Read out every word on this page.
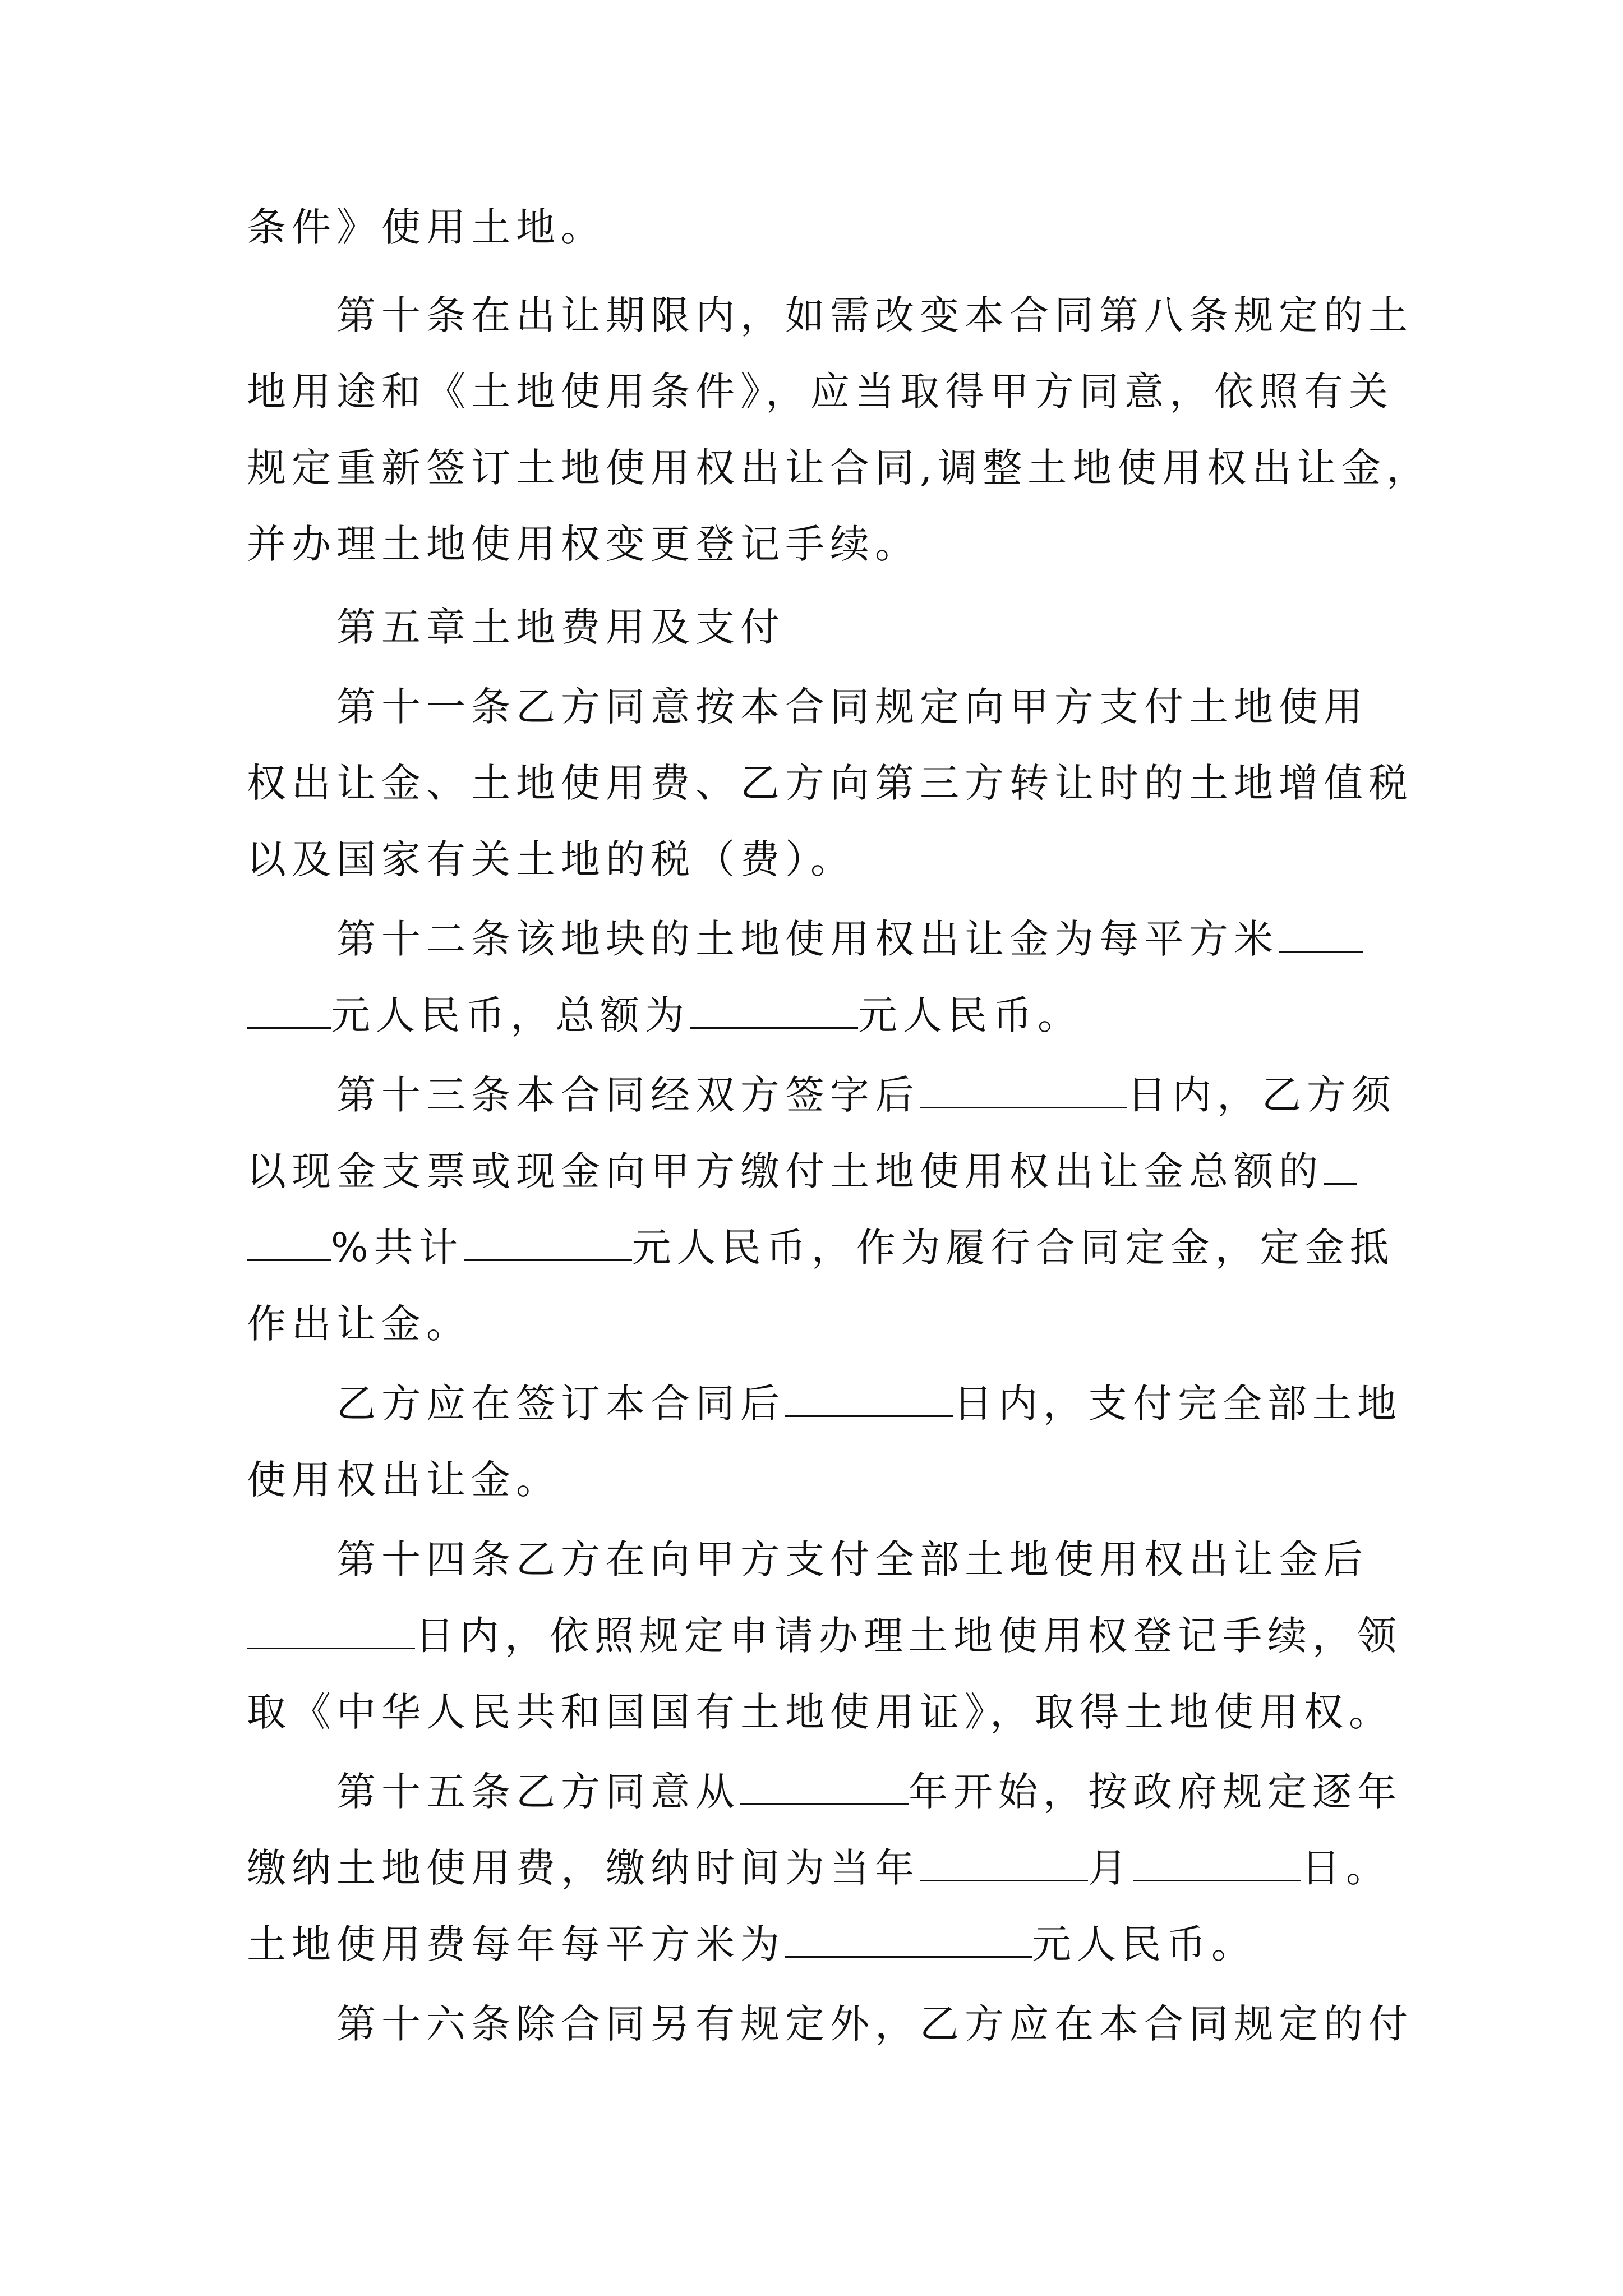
条件》使用土地。
第十条在出让期限内，如需改变本合同第八条规定的土
地用途和《土地使用条件》，应当取得甲方同意，依照有关
规定重新签订土地使用权出让合同,调整土地使用权出让金，
并办理土地使用权变更登记手续。
第五章土地费用及支付
第十一条乙方同意按本合同规定向甲方支付土地使用
权出让金、土地使用费、乙方向第三方转让时的土地增值税
以及国家有关土地的税（费）。
第十二条该地块的土地使用权出让金为每平方米
元人民币，总额为	元人民币。
第十三条本合同经双方签字后	日内，乙方须
以现金支票或现金向甲方缴付土地使用权出让金总额的
%共计	元人民币，作为履行合同定金，定金抵
作出让金。
乙方应在签订本合同后	日内，支付完全部土地
使用权出让金。
第十四条乙方在向甲方支付全部土地使用权出让金后
日内，依照规定申请办理土地使用权登记手续，领
取《中华人民共和国国有土地使用证》，取得土地使用权。
第十五条乙方同意从	年开始，按政府规定逐年
缴纳土地使用费，缴纳时间为当年	月	日。
土地使用费每年每平方米为	元人民币。
第十六条除合同另有规定外，乙方应在本合同规定的付
